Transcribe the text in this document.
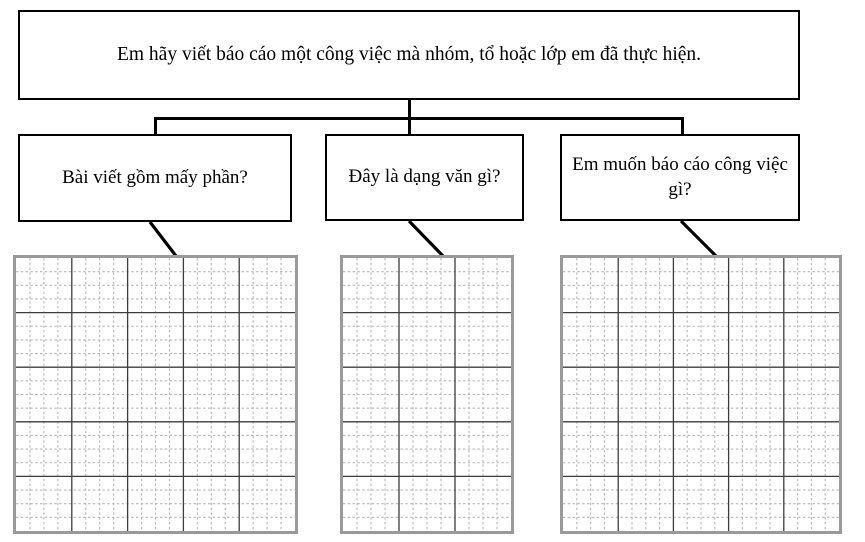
Em hãy viết báo cáo một công việc mà nhóm, tổ hoặc lớp em đã thực hiện.
Bài viết gồm mấy phần?	Đây là dạng văn gì?
Em muốn báo cáo công việc gì?
